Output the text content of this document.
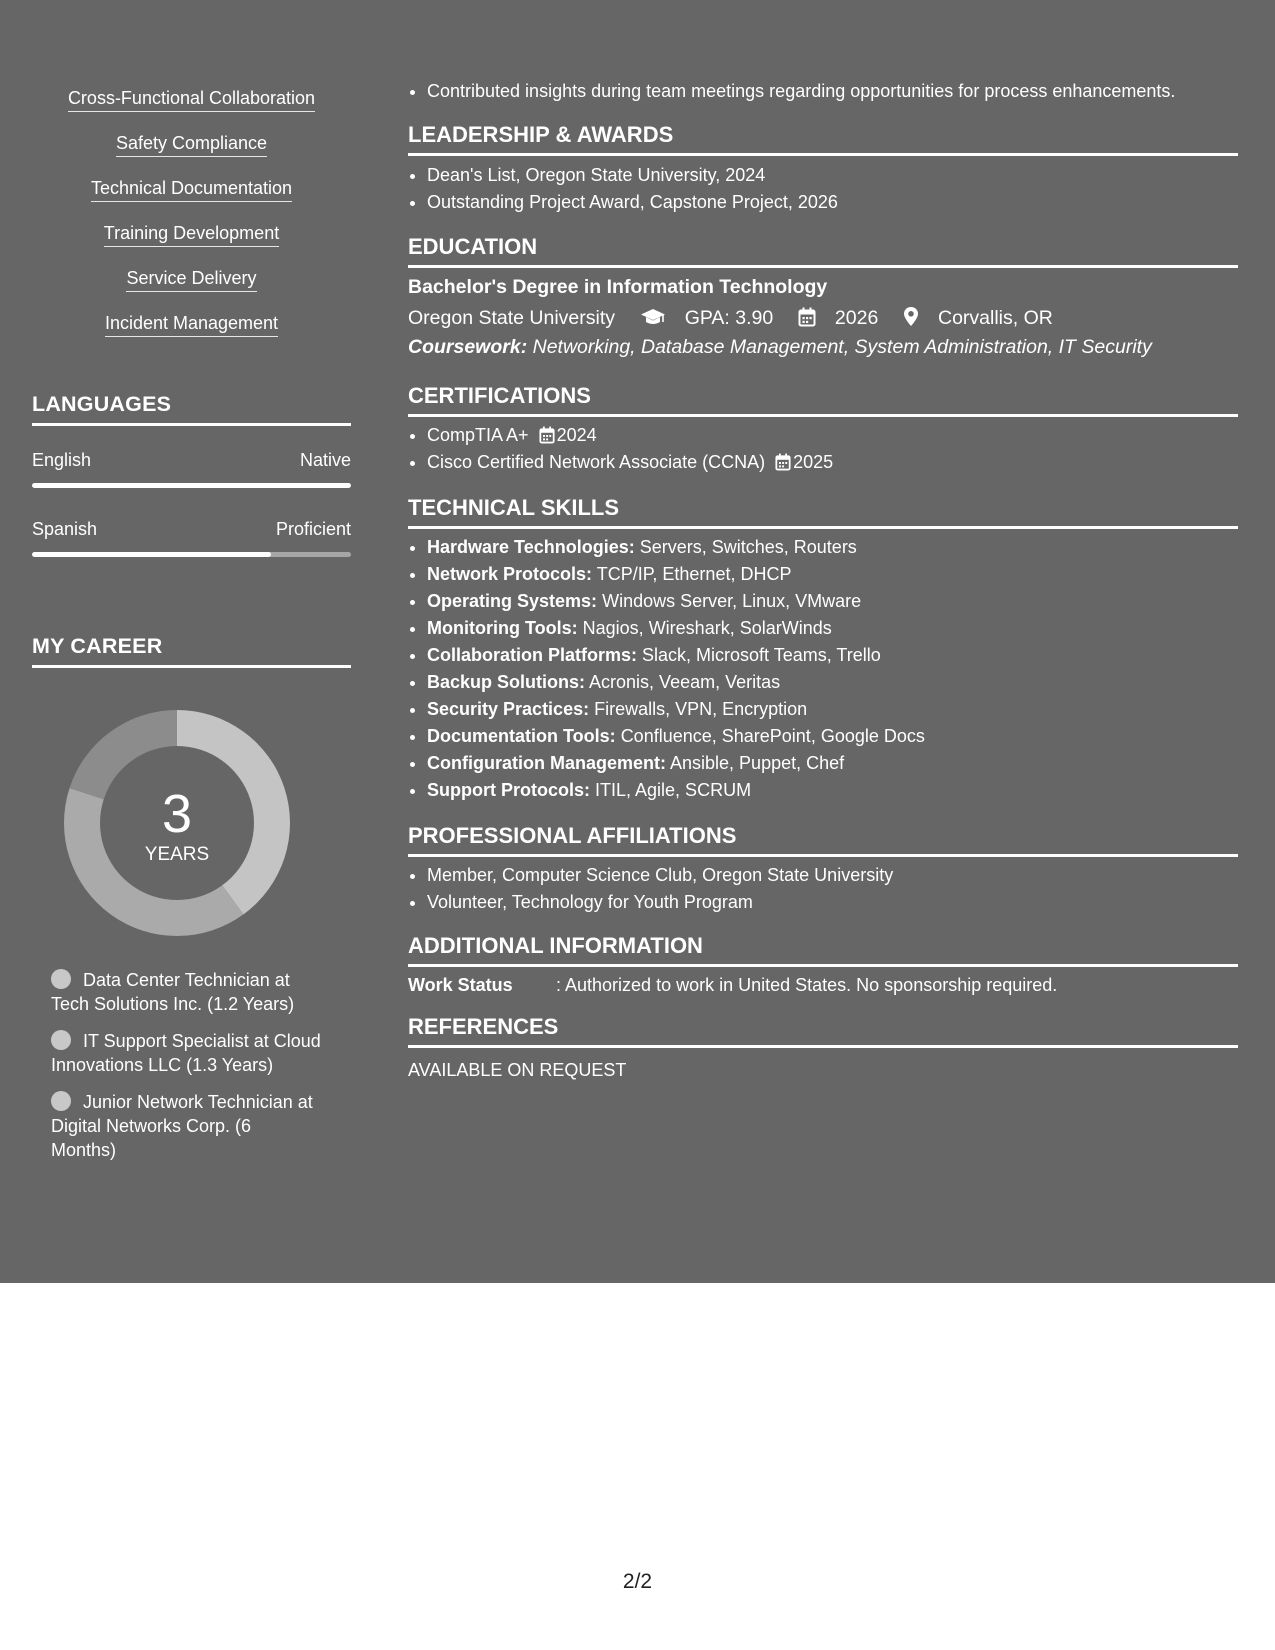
Cross-Functional Collaboration
Safety Compliance
Technical Documentation
Training Development
Service Delivery
Incident Management
LANGUAGES
English	Native
Spanish	Proficient
MY CAREER
3
YEARS
Data Center Technician at Tech Solutions Inc. (1.2 Years)
IT Support Specialist at Cloud Innovations LLC (1.3 Years)
Junior Network Technician at Digital Networks Corp. (6 Months)
• Contributed insights during team meetings regarding opportunities for process enhancements.
LEADERSHIP & AWARDS
• Dean's List, Oregon State University, 2024
• Outstanding Project Award, Capstone Project, 2026
EDUCATION
Bachelor's Degree in Information Technology
Oregon State University	GPA: 3.90	2026	Corvallis, OR
Coursework: Networking, Database Management, System Administration, IT Security
CERTIFICATIONS
• CompTIA A+ 2024
• Cisco Certified Network Associate (CCNA) 2025
TECHNICAL SKILLS
• Hardware Technologies: Servers, Switches, Routers
• Network Protocols: TCP/IP, Ethernet, DHCP
• Operating Systems: Windows Server, Linux, VMware
• Monitoring Tools: Nagios, Wireshark, SolarWinds
• Collaboration Platforms: Slack, Microsoft Teams, Trello
• Backup Solutions: Acronis, Veeam, Veritas
• Security Practices: Firewalls, VPN, Encryption
• Documentation Tools: Confluence, SharePoint, Google Docs
• Configuration Management: Ansible, Puppet, Chef
• Support Protocols: ITIL, Agile, SCRUM
PROFESSIONAL AFFILIATIONS
• Member, Computer Science Club, Oregon State University
• Volunteer, Technology for Youth Program
ADDITIONAL INFORMATION
Work Status : Authorized to work in United States. No sponsorship required.
REFERENCES
AVAILABLE ON REQUEST
2/2
